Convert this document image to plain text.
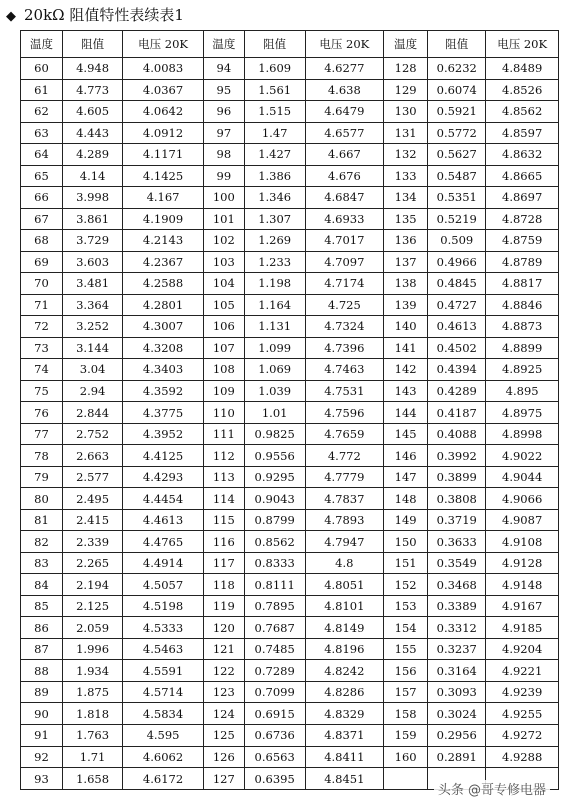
◆ 20kΩ 阻值特性表续表1
温度	阻值	电压 20K	温度	阻值	电压 20K	温度	阻值	电压 20K
60	4.948	4.0083	94	1.609	4.6277	128	0.6232	4.8489
61	4.773	4.0367	95	1.561	4.638	129	0.6074	4.8526
62	4.605	4.0642	96	1.515	4.6479	130	0.5921	4.8562
63	4.443	4.0912	97	1.47	4.6577	131	0.5772	4.8597
64	4.289	4.1171	98	1.427	4.667	132	0.5627	4.8632
65	4.14	4.1425	99	1.386	4.676	133	0.5487	4.8665
66	3.998	4.167	100	1.346	4.6847	134	0.5351	4.8697
67	3.861	4.1909	101	1.307	4.6933	135	0.5219	4.8728
68	3.729	4.2143	102	1.269	4.7017	136	0.509	4.8759
69	3.603	4.2367	103	1.233	4.7097	137	0.4966	4.8789
70	3.481	4.2588	104	1.198	4.7174	138	0.4845	4.8817
71	3.364	4.2801	105	1.164	4.725	139	0.4727	4.8846
72	3.252	4.3007	106	1.131	4.7324	140	0.4613	4.8873
73	3.144	4.3208	107	1.099	4.7396	141	0.4502	4.8899
74	3.04	4.3403	108	1.069	4.7463	142	0.4394	4.8925
75	2.94	4.3592	109	1.039	4.7531	143	0.4289	4.895
76	2.844	4.3775	110	1.01	4.7596	144	0.4187	4.8975
77	2.752	4.3952	111	0.9825	4.7659	145	0.4088	4.8998
78	2.663	4.4125	112	0.9556	4.772	146	0.3992	4.9022
79	2.577	4.4293	113	0.9295	4.7779	147	0.3899	4.9044
80	2.495	4.4454	114	0.9043	4.7837	148	0.3808	4.9066
81	2.415	4.4613	115	0.8799	4.7893	149	0.3719	4.9087
82	2.339	4.4765	116	0.8562	4.7947	150	0.3633	4.9108
83	2.265	4.4914	117	0.8333	4.8	151	0.3549	4.9128
84	2.194	4.5057	118	0.8111	4.8051	152	0.3468	4.9148
85	2.125	4.5198	119	0.7895	4.8101	153	0.3389	4.9167
86	2.059	4.5333	120	0.7687	4.8149	154	0.3312	4.9185
87	1.996	4.5463	121	0.7485	4.8196	155	0.3237	4.9204
88	1.934	4.5591	122	0.7289	4.8242	156	0.3164	4.9221
89	1.875	4.5714	123	0.7099	4.8286	157	0.3093	4.9239
90	1.818	4.5834	124	0.6915	4.8329	158	0.3024	4.9255
91	1.763	4.595	125	0.6736	4.8371	159	0.2956	4.9272
92	1.71	4.6062	126	0.6563	4.8411	160	0.2891	4.9288
93	1.658	4.6172	127	0.6395	4.8451			
头条 @哥专修电器
